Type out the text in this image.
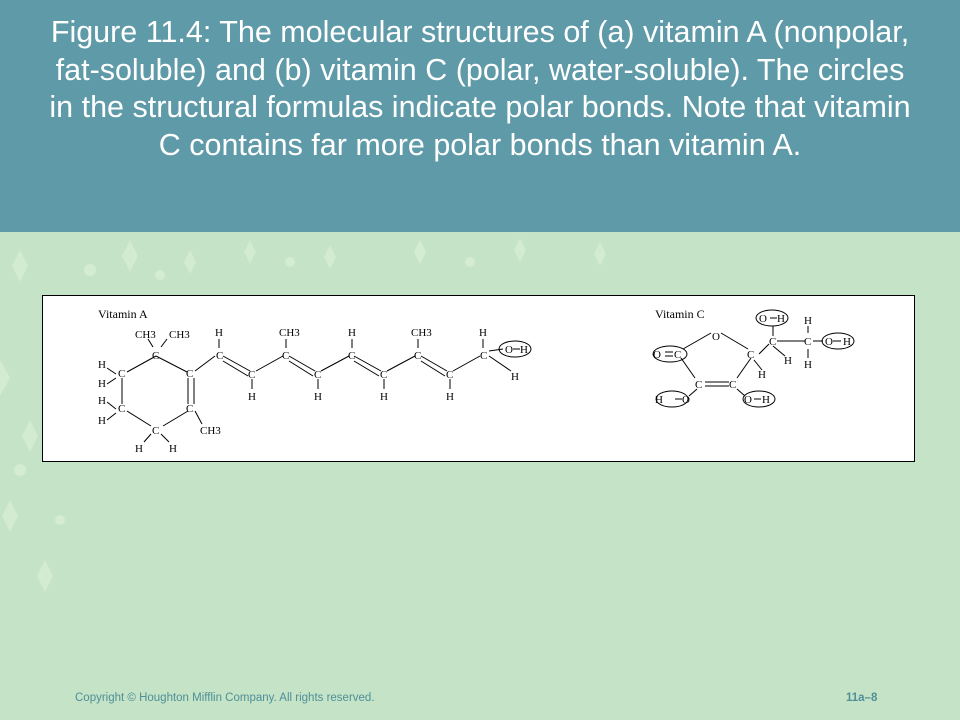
Figure 11.4: The molecular structures of (a) vitamin A (nonpolar, fat-soluble) and (b) vitamin C (polar, water-soluble). The circles in the structural formulas indicate polar bonds. Note that vitamin C contains far more polar bonds than vitamin A.
Vitamin A
CH3 CH3
C
C	C
C	C
C
H
H
H
H
H H
CH3
H
C
C
H
CH3
C
C
H
H
C
C
H
CH3
C
C
H
H
C O H
H
Vitamin C
O
O C	C
C C
H O	O H
H
O H
C
H
H
C
H
O H
Copyright © Houghton Mifflin Company. All rights reserved.	11a–8
